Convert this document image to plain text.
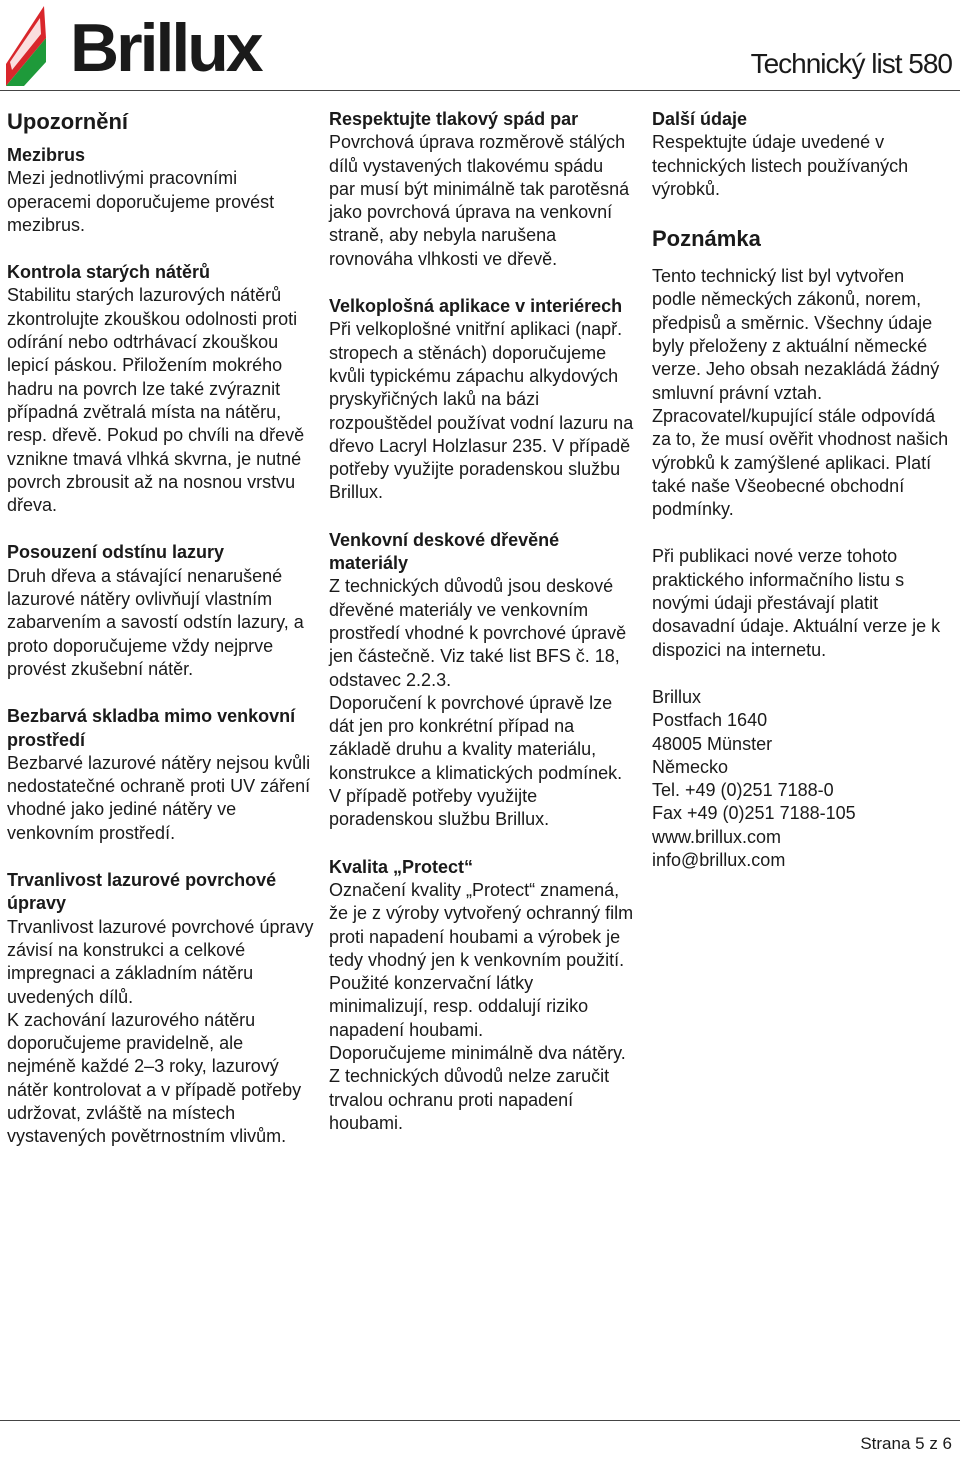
Brillux	Technický list 580
Upozornění

Mezibrus

Mezi jednotlivými pracovními operacemi doporučujeme provést mezibrus.

Kontrola starých nátěrů

Stabilitu starých lazurových nátěrů zkontrolujte zkouškou odolnosti proti odírání nebo odtrhávací zkouškou lepicí páskou. Přiložením mokrého hadru na povrch lze také zvýraznit případná zvětralá místa na nátěru, resp. dřevě. Pokud po chvíli na dřevě vznikne tmavá vlhká skvrna, je nutné povrch zbrousit až na nosnou vrstvu dřeva.

Posouzení odstínu lazury

Druh dřeva a stávající nenarušené lazurové nátěry ovlivňují vlastním zabarvením a savostí odstín lazury, a proto doporučujeme vždy nejprve provést zkušební nátěr.

Bezbarvá skladba mimo venkovní prostředí

Bezbarvé lazurové nátěry nejsou kvůli nedostatečné ochraně proti UV záření vhodné jako jediné nátěry ve venkovním prostředí.

Trvanlivost lazurové povrchové úpravy

Trvanlivost lazurové povrchové úpravy závisí na konstrukci a celkové impregnaci a základním nátěru uvedených dílů.

K zachování lazurového nátěru doporučujeme pravidelně, ale nejméně každé 2–3 roky, lazurový nátěr kontrolovat a v případě potřeby udržovat, zvláště na místech vystavených povětrnostním vlivům.

Respektujte tlakový spád par

Povrchová úprava rozměrově stálých dílů vystavených tlakovému spádu par musí být minimálně tak parotěsná jako povrchová úprava na venkovní straně, aby nebyla narušena rovnováha vlhkosti ve dřevě.

Velkoplošná aplikace v interiérech

Při velkoplošné vnitřní aplikaci (např. stropech a stěnách) doporučujeme kvůli typickému zápachu alkydových pryskyřičných laků na bázi rozpouštědel používat vodní lazuru na dřevo Lacryl Holzlasur 235. V případě potřeby využijte poradenskou službu Brillux.

Venkovní deskové dřevěné materiály

Z technických důvodů jsou deskové dřevěné materiály ve venkovním prostředí vhodné k povrchové úpravě jen částečně. Viz také list BFS č. 18, odstavec 2.2.3.

Doporučení k povrchové úpravě lze dát jen pro konkrétní případ na základě druhu a kvality materiálu, konstrukce a klimatických podmínek.

V případě potřeby využijte poradenskou službu Brillux.

Kvalita „Protect“

Označení kvality „Protect“ znamená, že je z výroby vytvořený ochranný film proti napadení houbami a výrobek je tedy vhodný jen k venkovním použití. Použité konzervační látky minimalizují, resp. oddalují riziko napadení houbami.

Doporučujeme minimálně dva nátěry.

Z technických důvodů nelze zaručit trvalou ochranu proti napadení houbami.

Další údaje

Respektujte údaje uvedené v technických listech používaných výrobků.

Poznámka

Tento technický list byl vytvořen podle německých zákonů, norem, předpisů a směrnic. Všechny údaje byly přeloženy z aktuální německé verze. Jeho obsah nezakládá žádný smluvní právní vztah.

Zpracovatel/kupující stále odpovídá za to, že musí ověřit vhodnost našich výrobků k zamýšlené aplikaci. Platí také naše Všeobecné obchodní podmínky.

Při publikaci nové verze tohoto praktického informačního listu s novými údaji přestávají platit dosavadní údaje. Aktuální verze je k dispozici na internetu.

Brillux

Postfach 1640

48005 Münster

Německo

Tel. +49 (0)251 7188-0

Fax +49 (0)251 7188-105

www.brillux.com

info@brillux.com

Strana 5 z 6
